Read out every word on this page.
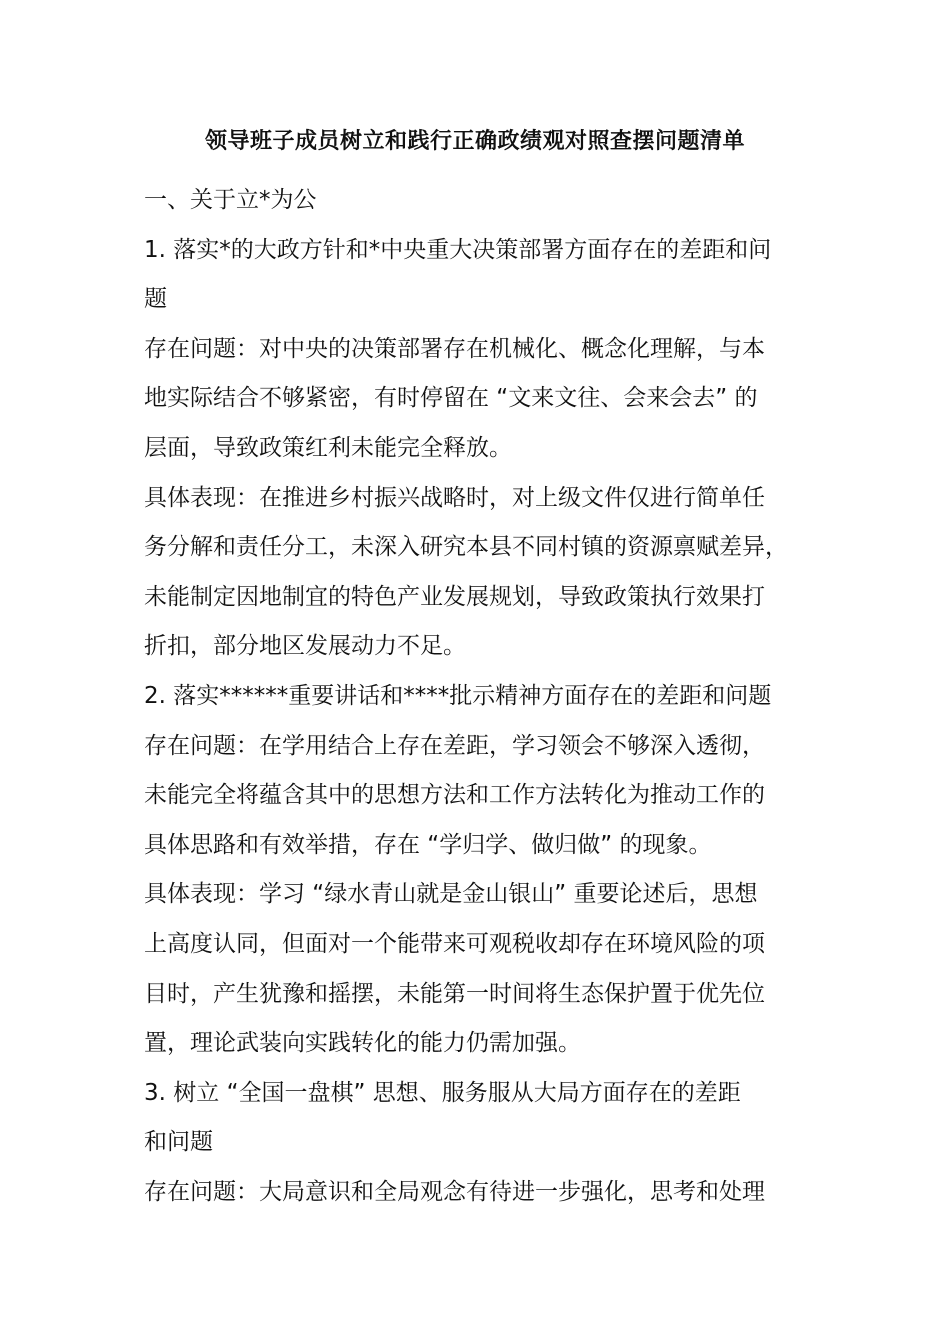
领导班子成员树立和践行正确政绩观对照查摆问题清单
一、关于立*为公
1. 落实*的大政方针和*中央重大决策部署方面存在的差距和问
题
存在问题：对中央的决策部署存在机械化、概念化理解，与本
地实际结合不够紧密，有时停留在 “文来文往、会来会去” 的
层面，导致政策红利未能完全释放。
具体表现：在推进乡村振兴战略时，对上级文件仅进行简单任
务分解和责任分工，未深入研究本县不同村镇的资源禀赋差异，
未能制定因地制宜的特色产业发展规划，导致政策执行效果打
折扣，部分地区发展动力不足。
2. 落实******重要讲话和****批示精神方面存在的差距和问题
存在问题：在学用结合上存在差距，学习领会不够深入透彻，
未能完全将蕴含其中的思想方法和工作方法转化为推动工作的
具体思路和有效举措，存在 “学归学、做归做” 的现象。
具体表现：学习 “绿水青山就是金山银山” 重要论述后，思想
上高度认同，但面对一个能带来可观税收却存在环境风险的项
目时，产生犹豫和摇摆，未能第一时间将生态保护置于优先位
置，理论武装向实践转化的能力仍需加强。
3. 树立 “全国一盘棋” 思想、服务服从大局方面存在的差距
和问题
存在问题：大局意识和全局观念有待进一步强化，思考和处理
